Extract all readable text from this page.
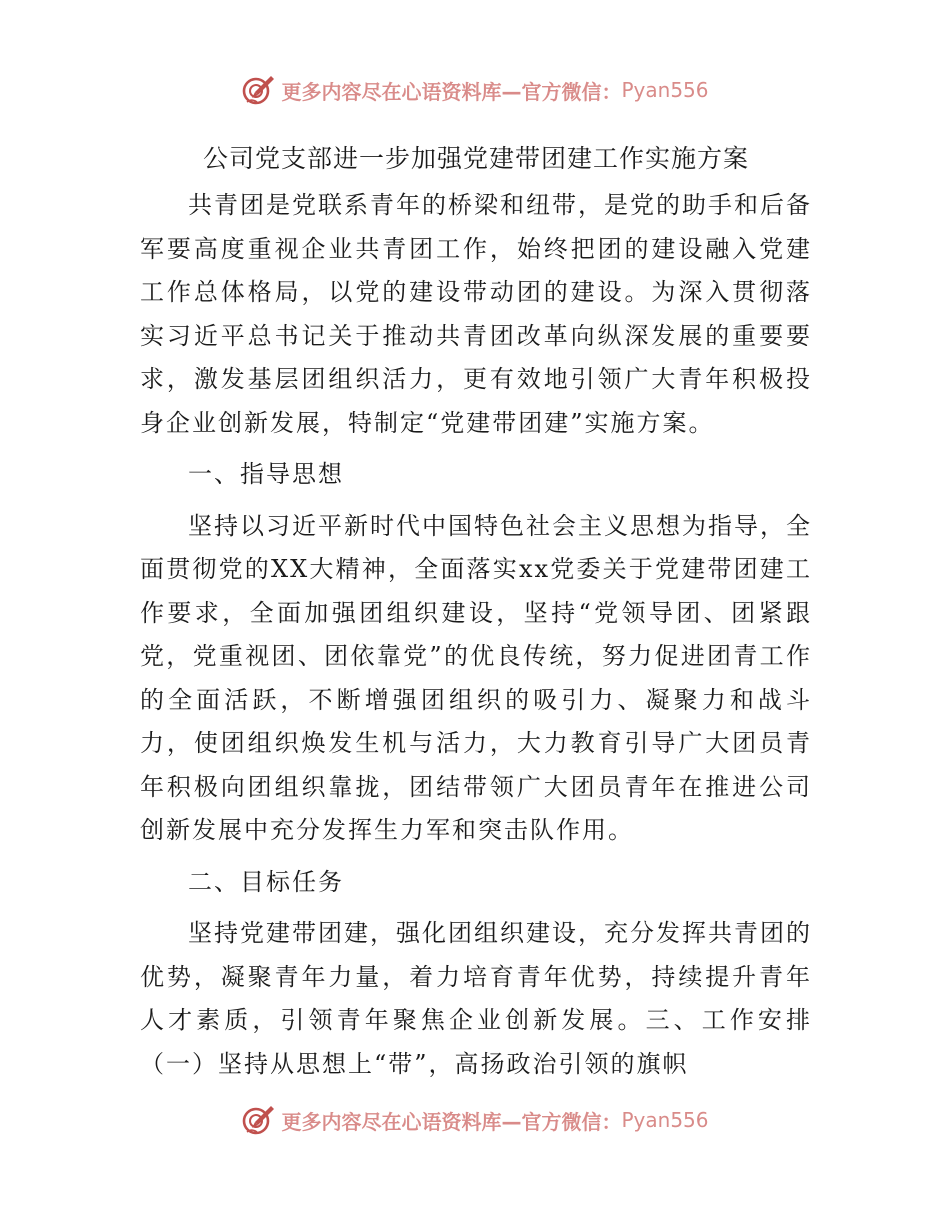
更多内容尽在心语资料库—官方微信： Pyan556
公司党支部进一步加强党建带团建工作实施方案

共青团是党联系青年的桥梁和纽带，是党的助手和后备军要高度重视企业共青团工作，始终把团的建设融入党建工作总体格局，以党的建设带动团的建设。为深入贯彻落实习近平总书记关于推动共青团改革向纵深发展的重要要求，激发基层团组织活力，更有效地引领广大青年积极投身企业创新发展，特制定“党建带团建”实施方案。

一、指导思想

坚持以习近平新时代中国特色社会主义思想为指导，全面贯彻党的XX大精神，全面落实xx党委关于党建带团建工作要求，全面加强团组织建设，坚持“党领导团、团紧跟党，党重视团、团依靠党”的优良传统，努力促进团青工作的全面活跃，不断增强团组织的吸引力、凝聚力和战斗力，使团组织焕发生机与活力，大力教育引导广大团员青年积极向团组织靠拢，团结带领广大团员青年在推进公司创新发展中充分发挥生力军和突击队作用。

二、目标任务

坚持党建带团建，强化团组织建设，充分发挥共青团的优势，凝聚青年力量，着力培育青年优势，持续提升青年人才素质，引领青年聚焦企业创新发展。三、工作安排（一）坚持从思想上“带”，高扬政治引领的旗帜

更多内容尽在心语资料库—官方微信： Pyan556
